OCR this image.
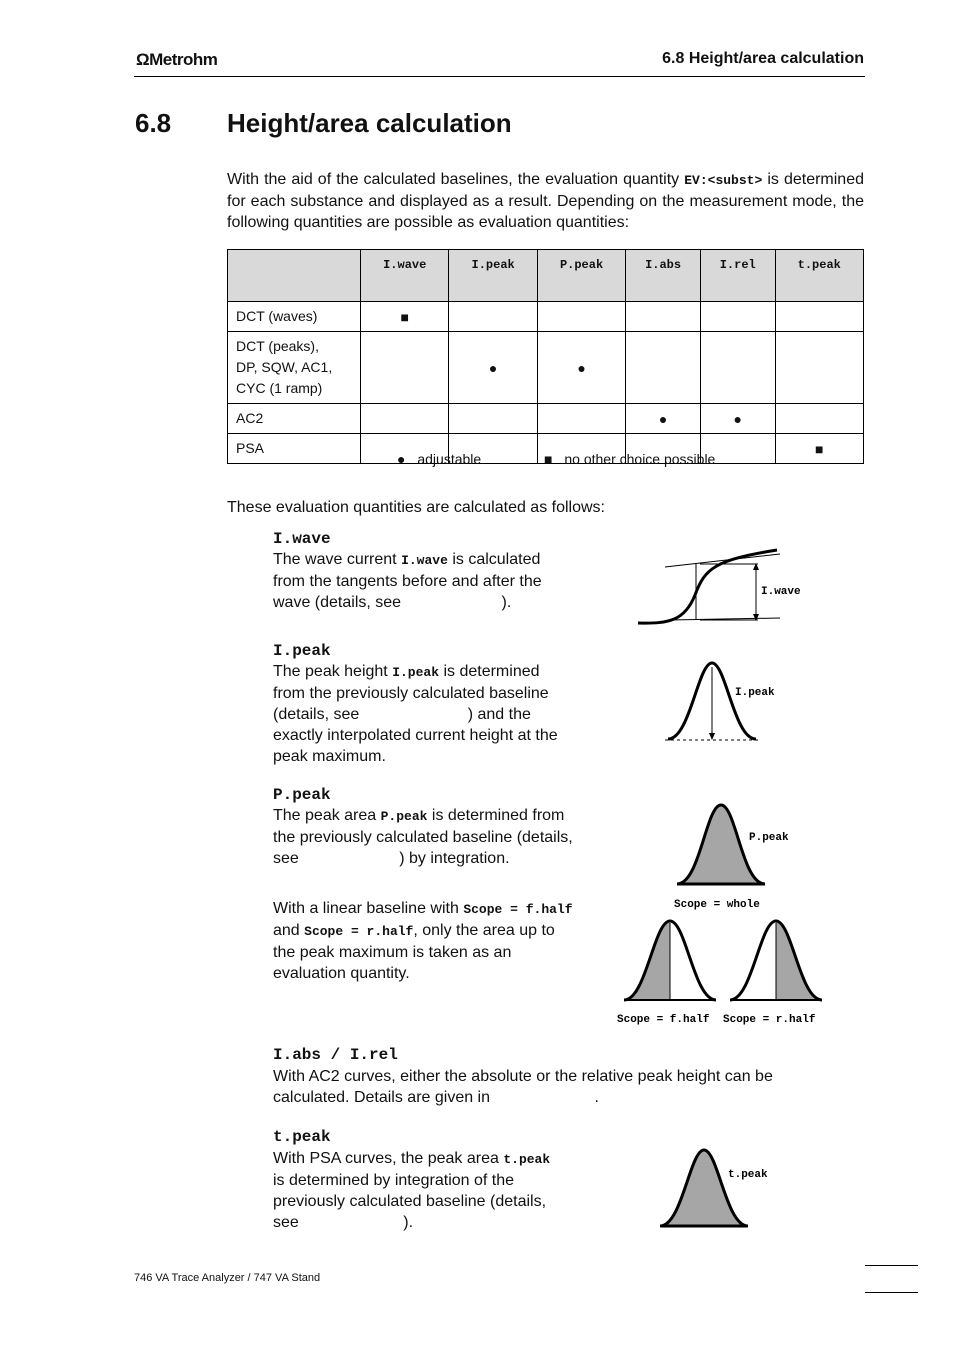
ΩMetrohm	6.8 Height/area calculation
6.8 Height/area calculation
With the aid of the calculated baselines, the evaluation quantity EV:<subst> is determined for each substance and displayed as a result. Depending on the measurement mode, the following quantities are possible as evaluation quantities:
	I.wave	I.peak	P.peak	I.abs	I.rel	t.peak
DCT (waves)	■					
DCT (peaks),
DP, SQW, AC1,
CYC (1 ramp)		●	●			
AC2				●	●	
PSA						■
● adjustable	■ no other choice possible
These evaluation quantities are calculated as follows:
I.wave
The wave current I.wave is calculated from the tangents before and after the wave (details, see	).
I.wave
I.peak
The peak height I.peak is determined from the previously calculated baseline (details, see	) and the exactly interpolated current height at the peak maximum.
I.peak
P.peak
The peak area P.peak is determined from the previously calculated baseline (details, see	) by integration.
With a linear baseline with Scope = f.half and Scope = r.half, only the area up to the peak maximum is taken as an evaluation quantity.
P.peak
Scope = whole
Scope = f.half Scope = r.half
I.abs / I.rel
With AC2 curves, either the absolute or the relative peak height can be calculated. Details are given in	.
t.peak
With PSA curves, the peak area t.peak is determined by integration of the previously calculated baseline (details, see	).
t.peak
746 VA Trace Analyzer / 747 VA Stand
